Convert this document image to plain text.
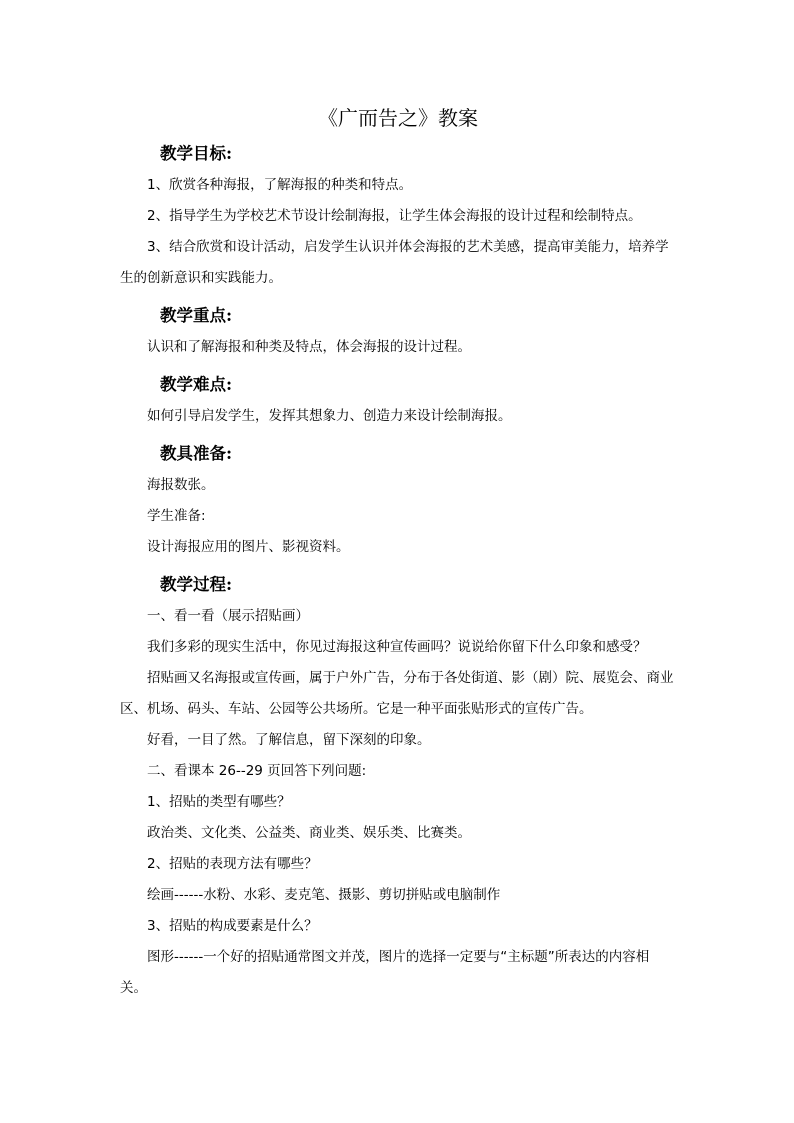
《广而告之》教案
教学目标:

1、欣赏各种海报，了解海报的种类和特点。

2、指导学生为学校艺术节设计绘制海报，让学生体会海报的设计过程和绘制特点。

3、结合欣赏和设计活动，启发学生认识并体会海报的艺术美感，提高审美能力，培养学生的创新意识和实践能力。

教学重点:

认识和了解海报和种类及特点，体会海报的设计过程。

教学难点:

如何引导启发学生，发挥其想象力、创造力来设计绘制海报。

教具准备:

海报数张。

学生准备:

设计海报应用的图片、影视资料。

教学过程:

一、看一看（展示招贴画）

我们多彩的现实生活中，你见过海报这种宣传画吗？说说给你留下什么印象和感受？

招贴画又名海报或宣传画，属于户外广告，分布于各处街道、影（剧）院、展览会、商业区、机场、码头、车站、公园等公共场所。它是一种平面张贴形式的宣传广告。

好看，一目了然。了解信息，留下深刻的印象。

二、看课本 26--29 页回答下列问题:

1、招贴的类型有哪些？

政治类、文化类、公益类、商业类、娱乐类、比赛类。

2、招贴的表现方法有哪些？

绘画------水粉、水彩、麦克笔、摄影、剪切拼贴或电脑制作

3、招贴的构成要素是什么？

图形------一个好的招贴通常图文并茂，图片的选择一定要与“主标题”所表达的内容相关。
